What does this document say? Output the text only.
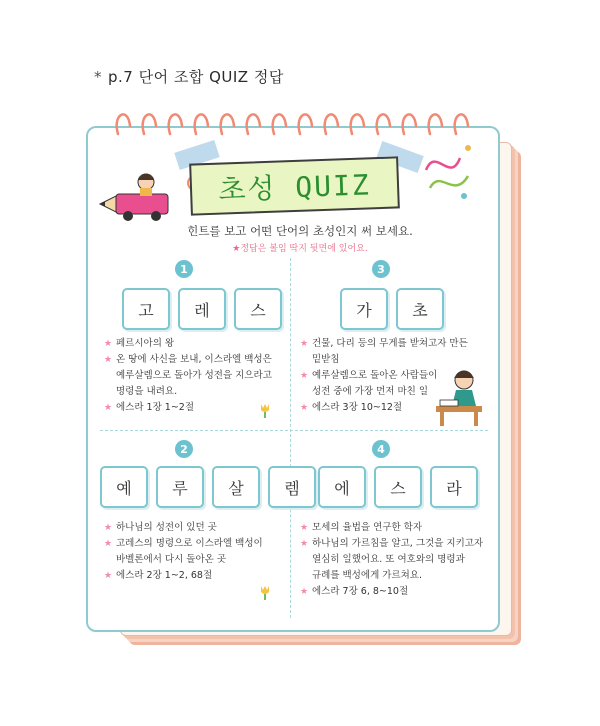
* p.7 단어 조합 QUIZ 정답
초성 QUIZ
힌트를 보고 어떤 단어의 초성인지 써 보세요.
★정답은 볼임 딱지 뒷면에 있어요.
1
고	레	스
★ 페르시아의 왕
★ 온 땅에 사신을 보내, 이스라엘 백성은
예루살렘으로 돌아가 성전을 지으라고
명령을 내려요.
★ 에스라 1장 1~2절
3
가	초
★ 건물, 다리 등의 무게를 받쳐고자 만든
밑받침
★ 예루살렘으로 돌아온 사람들이
성전 중에 가장 먼저 마친 일
★ 에스라 3장 10~12절
2
예	루	살	렘
★ 하나님의 성전이 있던 곳
★ 고레스의 명령으로 이스라엘 백성이
바벨론에서 다시 돌아온 곳
★ 에스라 2장 1~2, 68절
4
에	스	라
★ 모세의 율법을 연구한 학자
★ 하나님의 가르침을 알고, 그것을 지키고자
열심히 일했어요. 또 여호와의 명령과
규례를 백성에게 가르쳐요.
★ 에스라 7장 6, 8~10절
